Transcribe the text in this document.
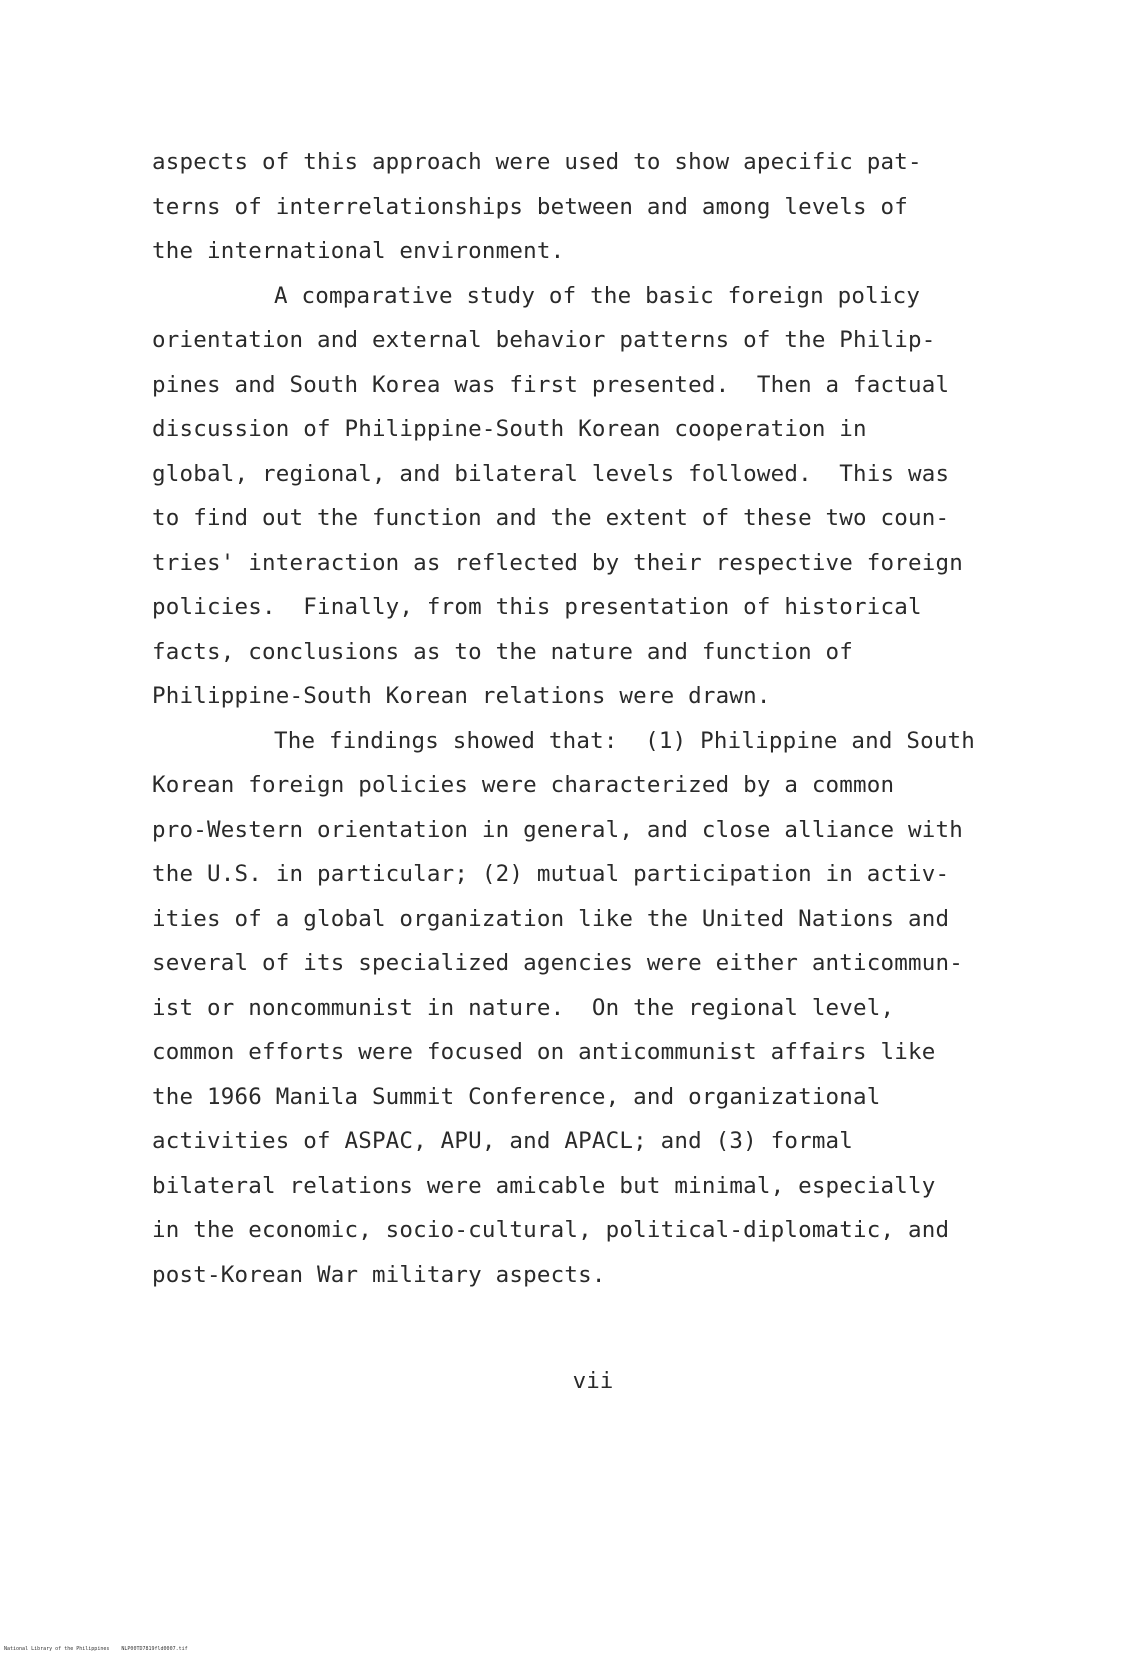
aspects of this approach were used to show apecific pat-
terns of interrelationships between and among levels of
the international environment.
A comparative study of the basic foreign policy
orientation and external behavior patterns of the Philip-
pines and South Korea was first presented.  Then a factual
discussion of Philippine-South Korean cooperation in
global, regional, and bilateral levels followed.  This was
to find out the function and the extent of these two coun-
tries' interaction as reflected by their respective foreign
policies.  Finally, from this presentation of historical
facts, conclusions as to the nature and function of
Philippine-South Korean relations were drawn.
The findings showed that:  (1) Philippine and South
Korean foreign policies were characterized by a common
pro-Western orientation in general, and close alliance with
the U.S. in particular; (2) mutual participation in activ-
ities of a global organization like the United Nations and
several of its specialized agencies were either anticommun-
ist or noncommunist in nature.  On the regional level,
common efforts were focused on anticommunist affairs like
the 1966 Manila Summit Conference, and organizational
activities of ASPAC, APU, and APACL; and (3) formal
bilateral relations were amicable but minimal, especially
in the economic, socio-cultural, political-diplomatic, and
post-Korean War military aspects.
vii
National Library of the Philippines NLP00TD7819fld0007.tif
